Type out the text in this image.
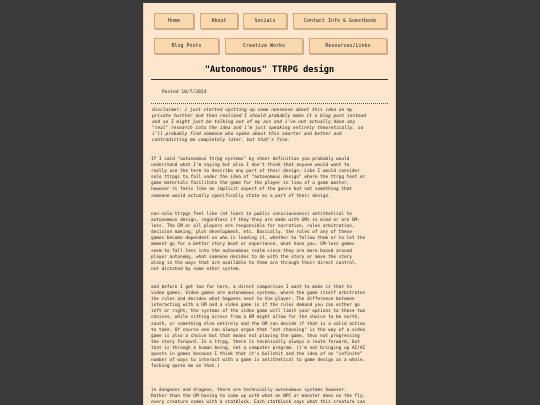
Home	About	Socials	Contact Info & Guestbook
Blog Posts	Creative Works	Resources/Links
"Autonomous" TTRPG design
Posted 10/7/2024
disclaimer: i just started spitting up some nonsense about this idea on my
private twitter and then realized I should probably make it a blog post instead
and so I might just be talking out of my ass and i've not actually done any
"real" research into the idea and i'm just speaking entirely theoretically. so
i'll probably find someone who spoke about this smarter and better and
contradicting me completely later. but that's fine.
If I said "autonomous ttrpg systems" by sheer definition you probably would
understand what I'm saying but also I don't think that anyone would want to
really use the term to describe any part of their design. Like I would consider
solo ttrpgs to fall under the idea of "autonomous design" where the ttrpg text or
game materials facilitate the game for the player in lieu of a game master,
however it feels like an implicit aspect of the genre but not something that
someone would actually specifically state as a part of their design.
non-solo ttrpgs feel like (at least in public consciousness) antithetical to
autonomous design, regardless if they they are made with GMs in mind or are GM-
less. The GM or all players are responsible for narration, rules arbitration,
decision making, plot development, etc. Basically, the rules of any of these
games become dependent on who is leading it, whether to follow them or to let the
moment go for a better story beat or experience, what have you. GM-less games
seem to fall less into the autonomous realm since they are more based around
player autonomy, what someone decides to do with the story or move the story
along in the ways that are available to them are through their direct control,
not dictated by some other system.
and before I get too far here, a direct comparison I want to make is that to
video games. Video games are autonomous systems, where the game itself arbitrates
the rules and decides what happens next to the player. The difference between
interacting with a GM and a video game is if the rules demand you can either go
left or right, the systems of the video game will limit your options to these two
choices, while sitting across from a GM might allow for the choice to be north,
south, or something else entirely and the GM can decide if that is a valid action
to take. Of course one can always argue that "not choosing" is the way of a video
game is also a choice but that means not playing the game, thus not progressing
the story forward. In a ttrpg, there is technically always a route forward, but
that is through a human being, not a computer program. (i'm not bringing up AI/AI
quests in games because I think that it's bullshit and the idea of an "infinite"
number of ways to interact with a game is antithetical to game design as a whole.
fucking quote me on that.)
in dungeons and dragons, there are technically autonomous systems however.
Rather than the GM having to come up with what an NPC or monster does on the fly,
every creature comes with a statblock. Each statblock says what this creature can
